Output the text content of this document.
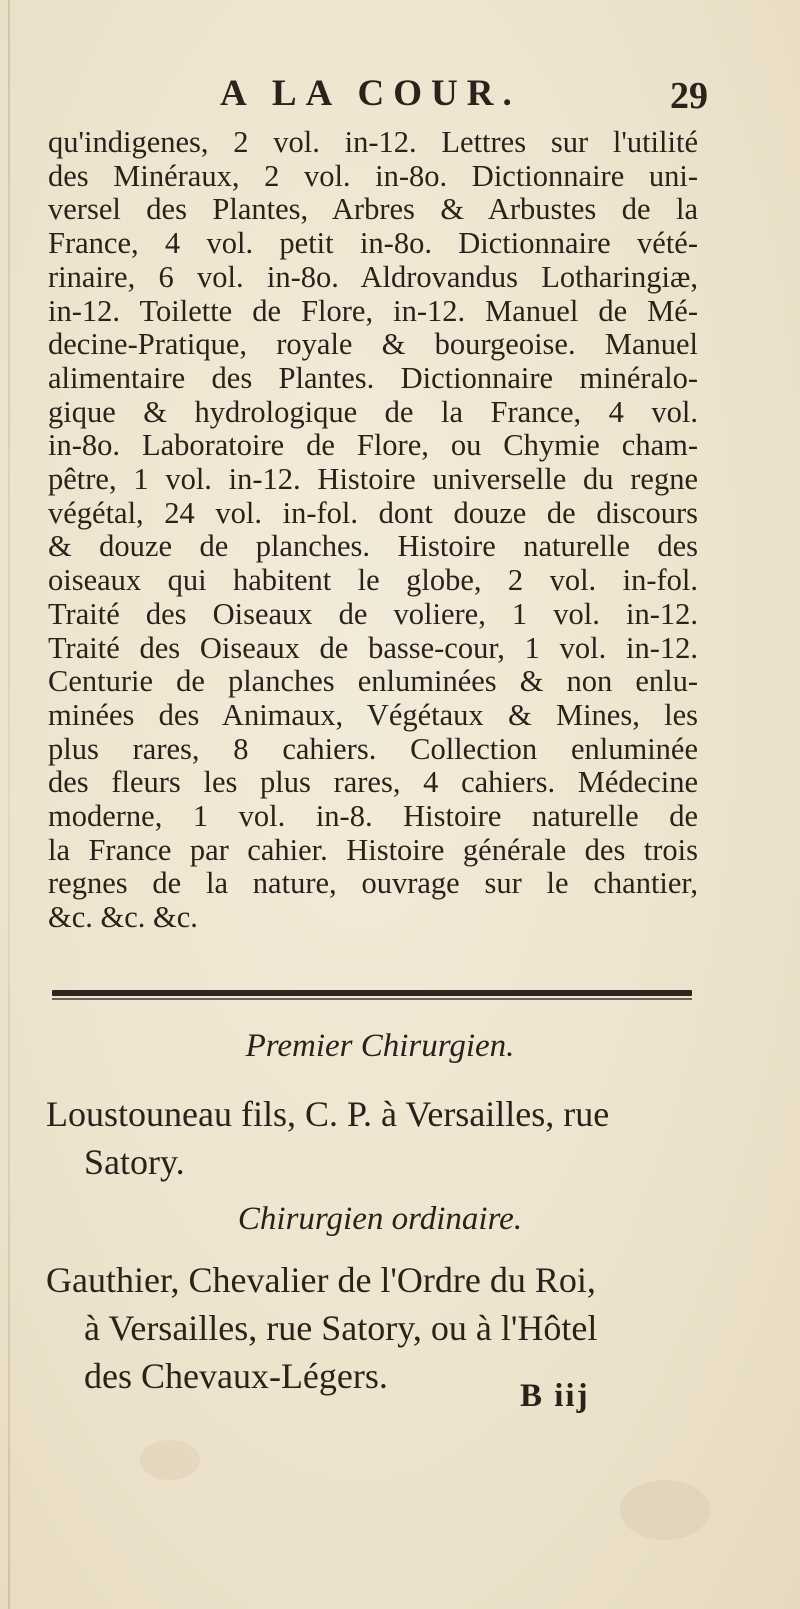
A LA COUR.	29
qu'indigenes, 2 vol. in-12. Lettres sur l'utilité
des Minéraux, 2 vol. in-8o. Dictionnaire uni-
versel des Plantes, Arbres & Arbustes de la
France, 4 vol. petit in-8o. Dictionnaire vété-
rinaire, 6 vol. in-8o. Aldrovandus Lotharingiæ,
in-12. Toilette de Flore, in-12. Manuel de Mé-
decine-Pratique, royale & bourgeoise. Manuel
alimentaire des Plantes. Dictionnaire minéralo-
gique & hydrologique de la France, 4 vol.
in-8o. Laboratoire de Flore, ou Chymie cham-
pêtre, 1 vol. in-12. Histoire universelle du regne
végétal, 24 vol. in-fol. dont douze de discours
& douze de planches. Histoire naturelle des
oiseaux qui habitent le globe, 2 vol. in-fol.
Traité des Oiseaux de voliere, 1 vol. in-12.
Traité des Oiseaux de basse-cour, 1 vol. in-12.
Centurie de planches enluminées & non enlu-
minées des Animaux, Végétaux & Mines, les
plus rares, 8 cahiers. Collection enluminée
des fleurs les plus rares, 4 cahiers. Médecine
moderne, 1 vol. in-8. Histoire naturelle de
la France par cahier. Histoire générale des trois
regnes de la nature, ouvrage sur le chantier,
&c. &c. &c.
Premier Chirurgien.
Loustouneau fils, C. P. à Versailles, rue
Satory.
Chirurgien ordinaire.
Gauthier, Chevalier de l'Ordre du Roi,
à Versailles, rue Satory, ou à l'Hôtel
des Chevaux-Légers.	B iij
